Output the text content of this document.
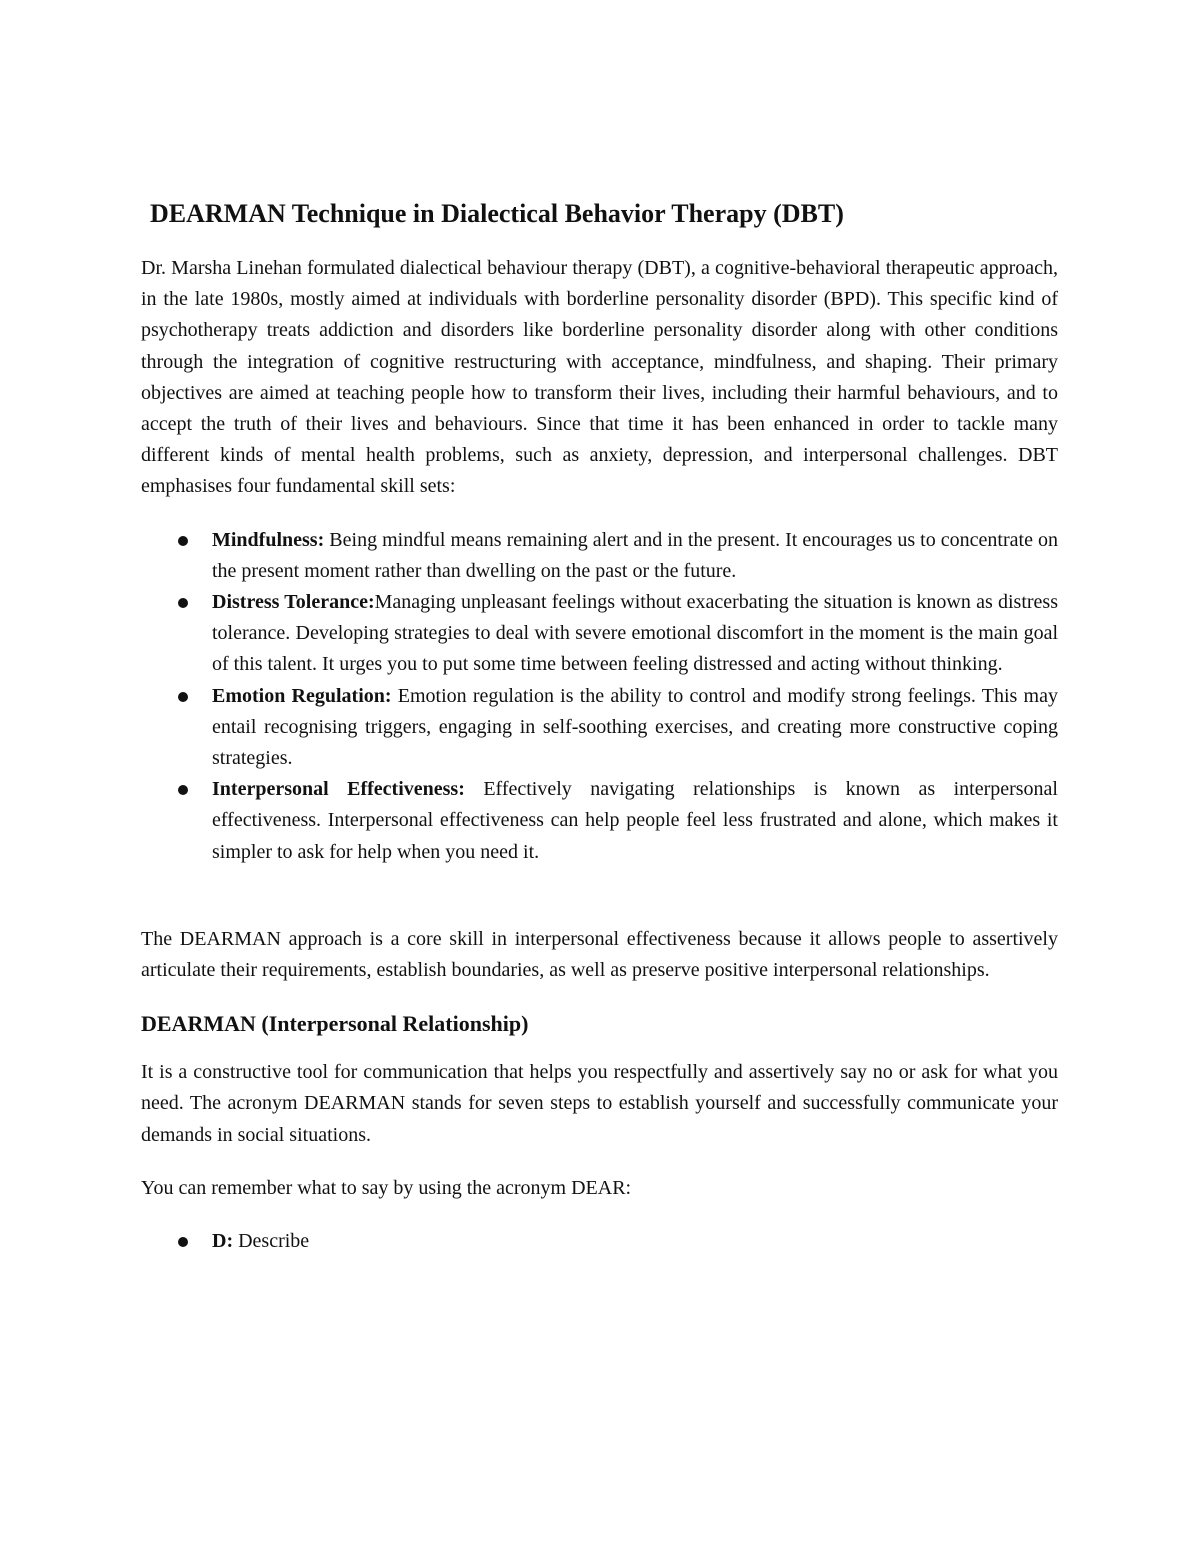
DEARMAN Technique in Dialectical Behavior Therapy (DBT)

Dr. Marsha Linehan formulated dialectical behaviour therapy (DBT), a cognitive-behavioral therapeutic approach, in the late 1980s, mostly aimed at individuals with borderline personality disorder (BPD). This specific kind of psychotherapy treats addiction and disorders like borderline personality disorder along with other conditions through the integration of cognitive restructuring with acceptance, mindfulness, and shaping. Their primary objectives are aimed at teaching people how to transform their lives, including their harmful behaviours, and to accept the truth of their lives and behaviours. Since that time it has been enhanced in order to tackle many different kinds of mental health problems, such as anxiety, depression, and interpersonal challenges. DBT emphasises four fundamental skill sets:

Mindfulness: Being mindful means remaining alert and in the present. It encourages us to concentrate on the present moment rather than dwelling on the past or the future.
Distress Tolerance:Managing unpleasant feelings without exacerbating the situation is known as distress tolerance. Developing strategies to deal with severe emotional discomfort in the moment is the main goal of this talent. It urges you to put some time between feeling distressed and acting without thinking.
Emotion Regulation: Emotion regulation is the ability to control and modify strong feelings. This may entail recognising triggers, engaging in self-soothing exercises, and creating more constructive coping strategies.
Interpersonal Effectiveness: Effectively navigating relationships is known as interpersonal effectiveness. Interpersonal effectiveness can help people feel less frustrated and alone, which makes it simpler to ask for help when you need it.

The DEARMAN approach is a core skill in interpersonal effectiveness because it allows people to assertively articulate their requirements, establish boundaries, as well as preserve positive interpersonal relationships.

DEARMAN (Interpersonal Relationship)

It is a constructive tool for communication that helps you respectfully and assertively say no or ask for what you need. The acronym DEARMAN stands for seven steps to establish yourself and successfully communicate your demands in social situations.

You can remember what to say by using the acronym DEAR:

D: Describe
